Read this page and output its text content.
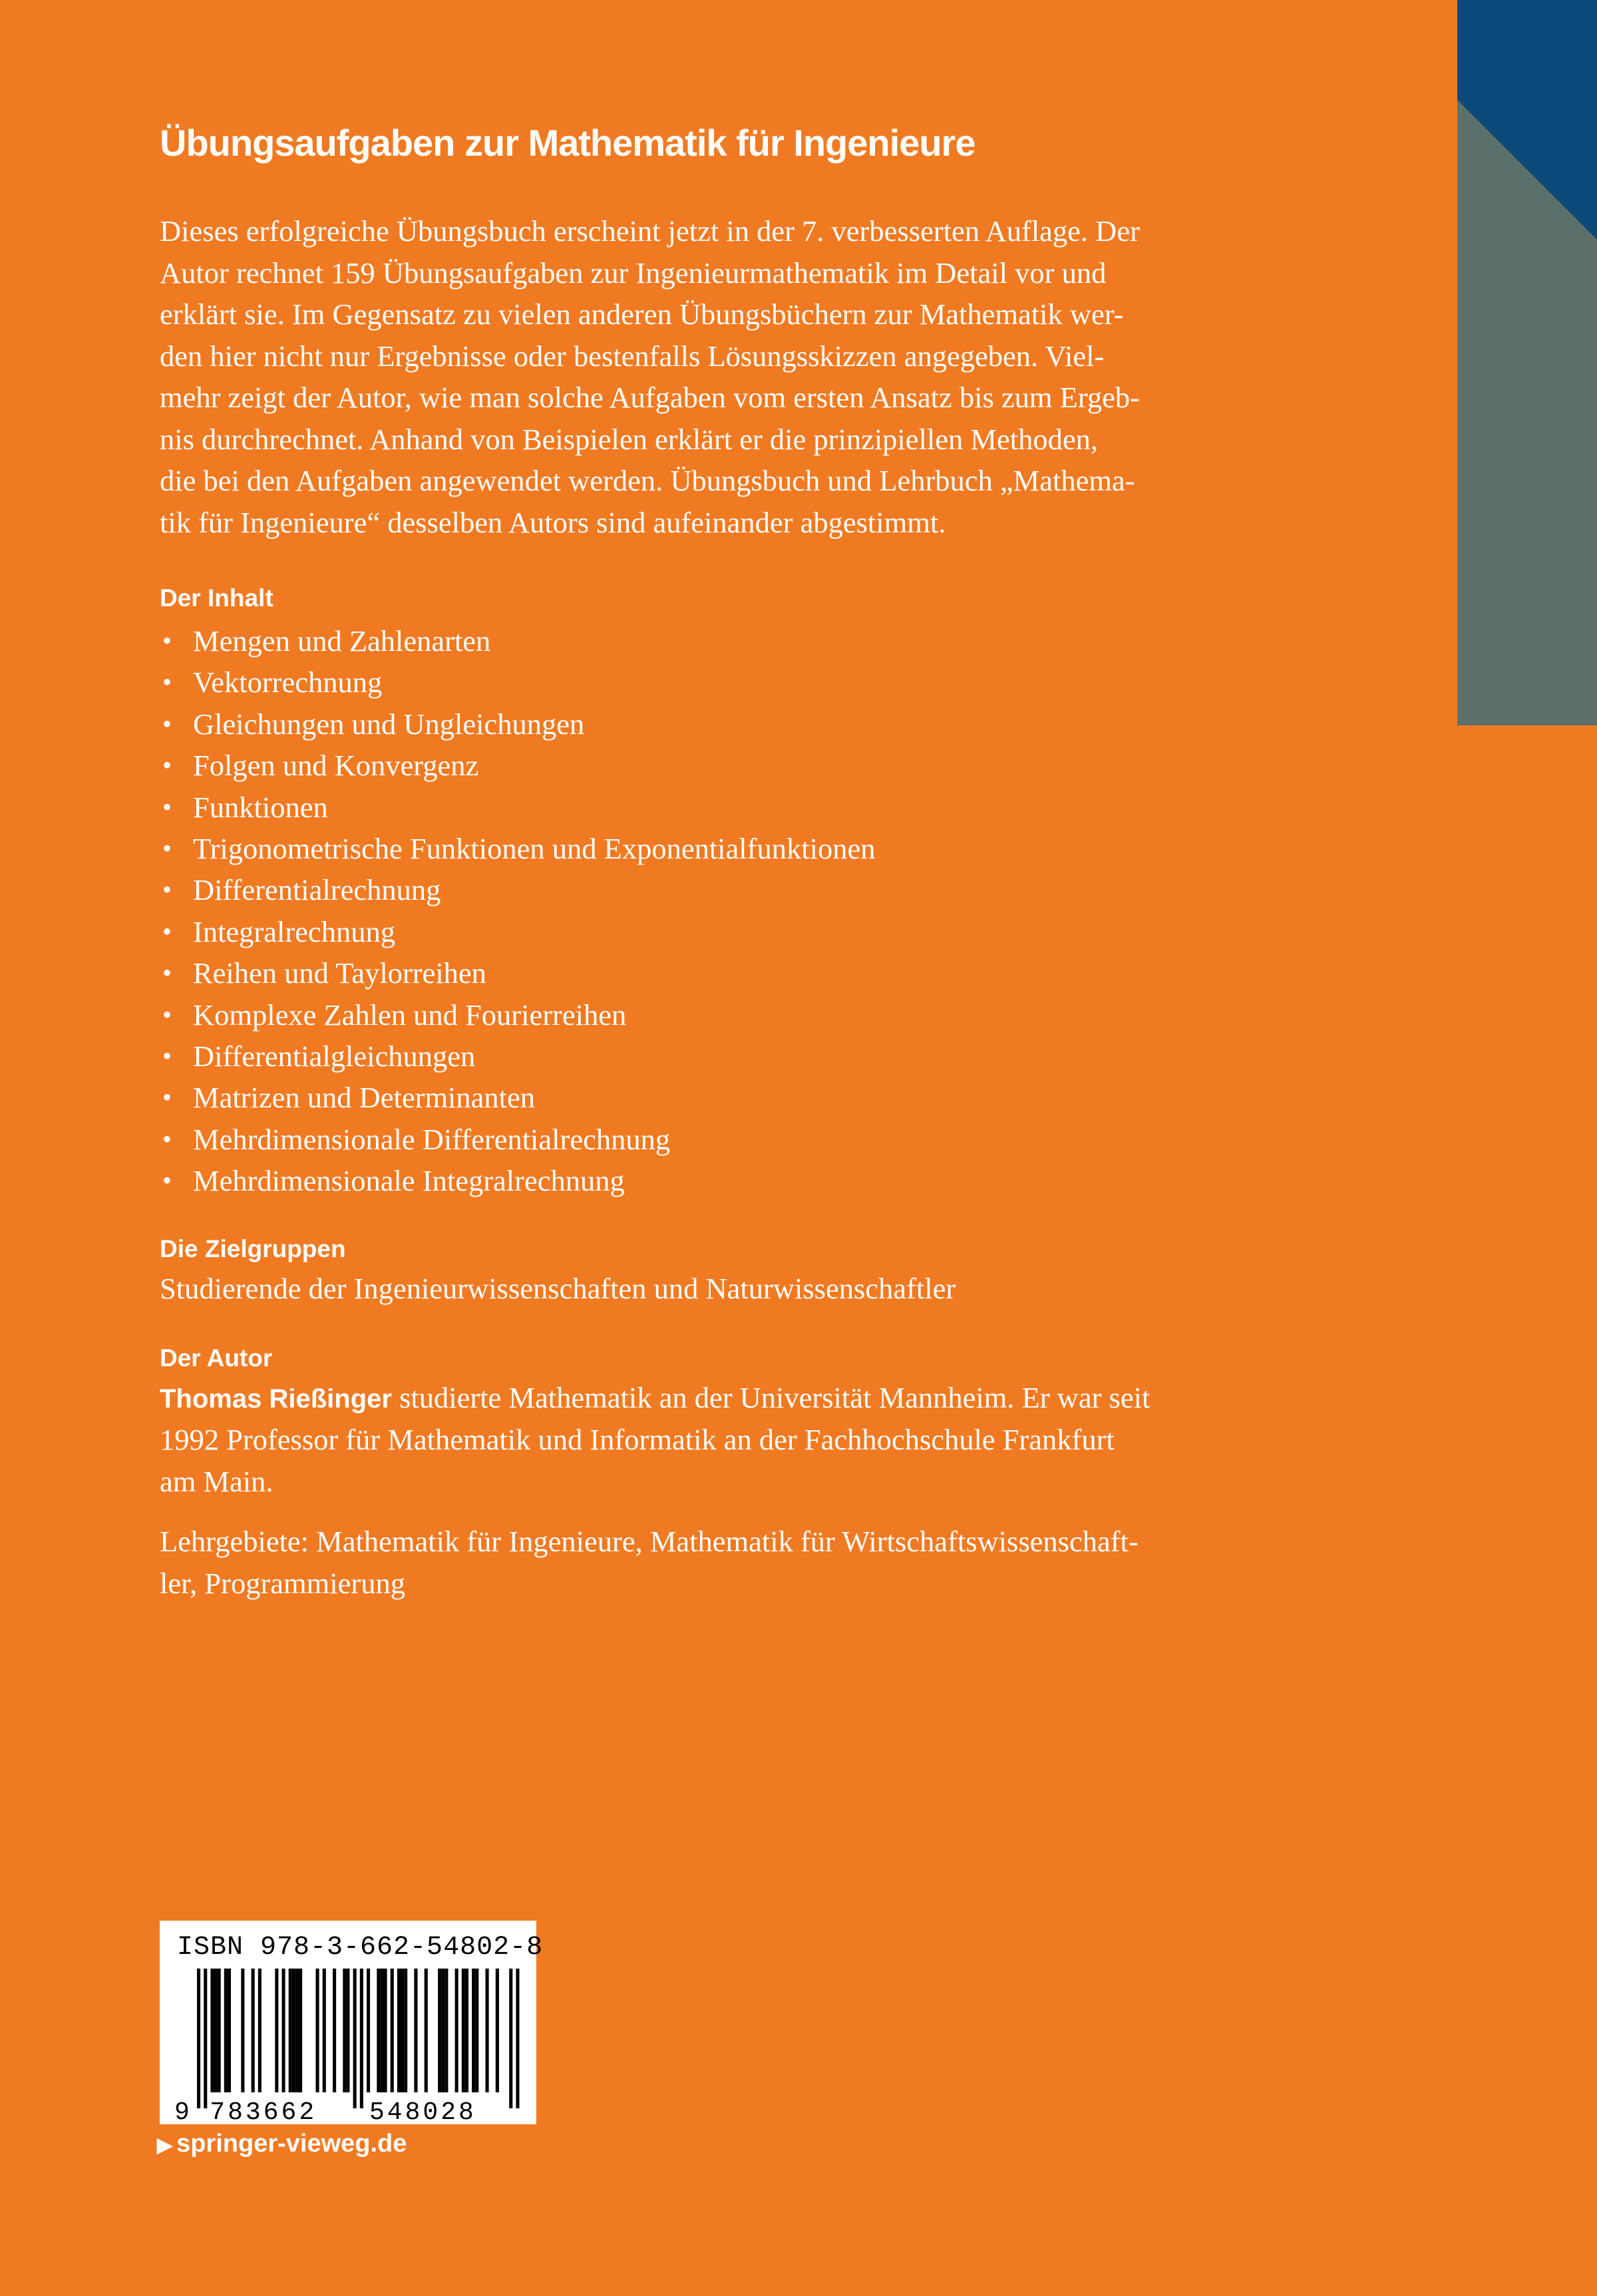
Übungsaufgaben zur Mathematik für Ingenieure
Dieses erfolgreiche Übungsbuch erscheint jetzt in der 7. verbesserten Auflage. Der
Autor rechnet 159 Übungsaufgaben zur Ingenieurmathematik im Detail vor und
erklärt sie. Im Gegensatz zu vielen anderen Übungsbüchern zur Mathematik wer-
den hier nicht nur Ergebnisse oder bestenfalls Lösungsskizzen angegeben. Viel-
mehr zeigt der Autor, wie man solche Aufgaben vom ersten Ansatz bis zum Ergeb-
nis durchrechnet. Anhand von Beispielen erklärt er die prinzipiellen Methoden,
die bei den Aufgaben angewendet werden. Übungsbuch und Lehrbuch „Mathema-
tik für Ingenieure“ desselben Autors sind aufeinander abgestimmt.
Der Inhalt
• Mengen und Zahlenarten
• Vektorrechnung
• Gleichungen und Ungleichungen
• Folgen und Konvergenz
• Funktionen
• Trigonometrische Funktionen und Exponentialfunktionen
• Differentialrechnung
• Integralrechnung
• Reihen und Taylorreihen
• Komplexe Zahlen und Fourierreihen
• Differentialgleichungen
• Matrizen und Determinanten
• Mehrdimensionale Differentialrechnung
• Mehrdimensionale Integralrechnung
Die Zielgruppen
Studierende der Ingenieurwissenschaften und Naturwissenschaftler
Der Autor
Thomas Rießinger studierte Mathematik an der Universität Mannheim. Er war seit
1992 Professor für Mathematik und Informatik an der Fachhochschule Frankfurt
am Main.
Lehrgebiete: Mathematik für Ingenieure, Mathematik für Wirtschaftswissenschaft-
ler, Programmierung
9 783662 548028
ISBN 978-3-662-54802-8
▶ springer-vieweg.de
